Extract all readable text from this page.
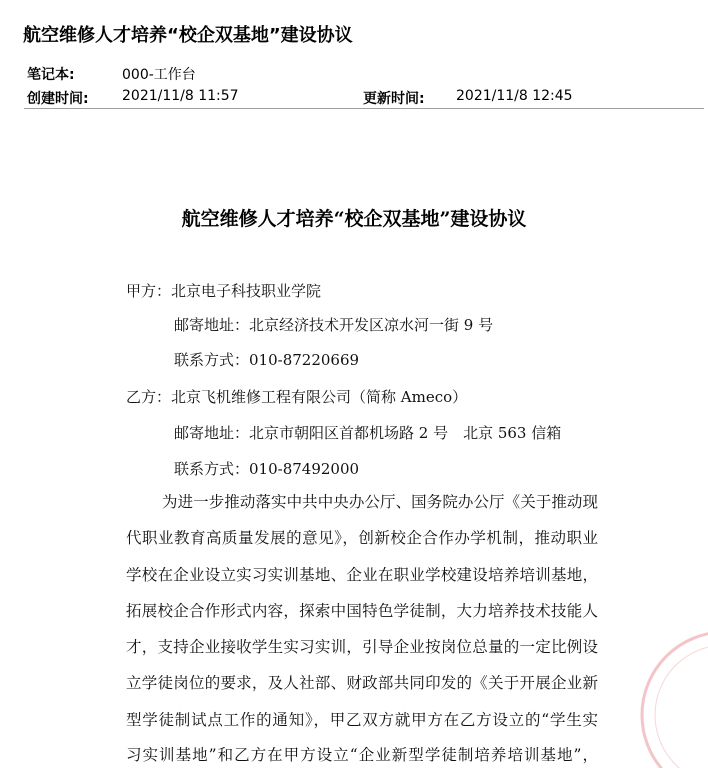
航空维修人才培养“校企双基地”建设协议
笔记本:	000-工作台
创建时间: 2021/11/8 11:57	更新时间: 2021/11/8 12:45
航空维修人才培养“校企双基地”建设协议
甲方：北京电子科技职业学院
邮寄地址：北京经济技术开发区凉水河一街 9 号
联系方式：010-87220669
乙方：北京飞机维修工程有限公司（简称 Ameco）
邮寄地址：北京市朝阳区首都机场路 2 号　北京 563 信箱
联系方式：010-87492000
为进一步推动落实中共中央办公厅、国务院办公厅《关于推动现
代职业教育高质量发展的意见》，创新校企合作办学机制，推动职业
学校在企业设立实习实训基地、企业在职业学校建设培养培训基地，
拓展校企合作形式内容，探索中国特色学徒制，大力培养技术技能人
才，支持企业接收学生实习实训，引导企业按岗位总量的一定比例设
立学徒岗位的要求，及人社部、财政部共同印发的《关于开展企业新
型学徒制试点工作的通知》，甲乙双方就甲方在乙方设立的“学生实
习实训基地”和乙方在甲方设立“企业新型学徒制培养培训基地”，
